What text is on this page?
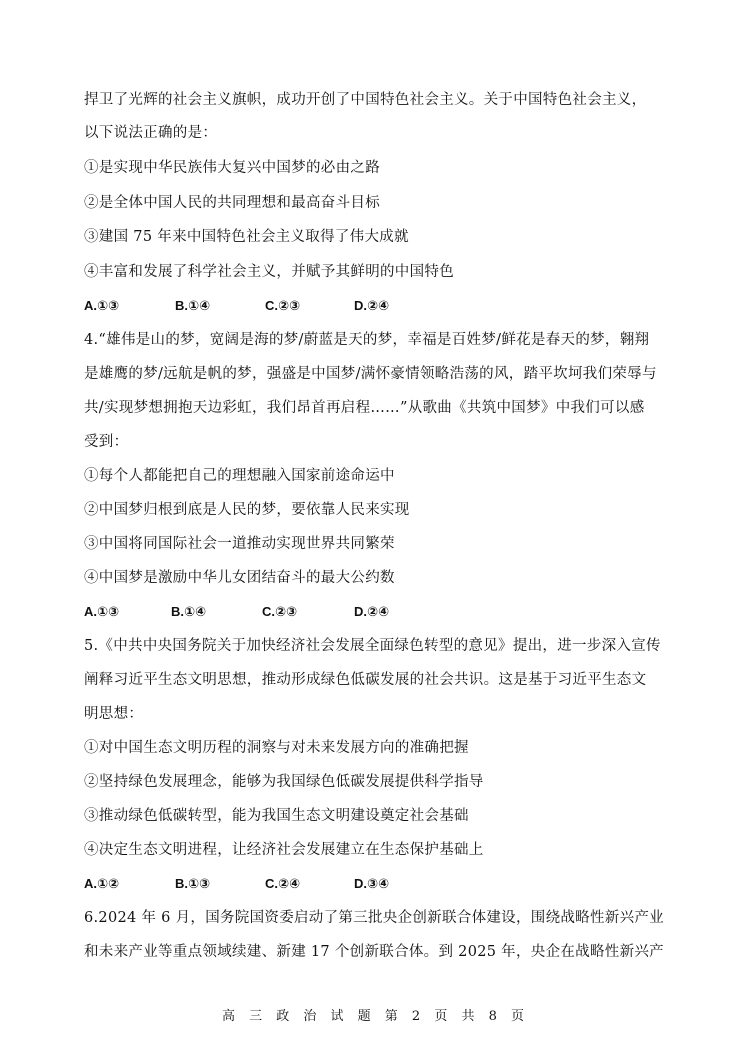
捍卫了光辉的社会主义旗帜，成功开创了中国特色社会主义。关于中国特色社会主义，
以下说法正确的是：
①是实现中华民族伟大复兴中国梦的必由之路
②是全体中国人民的共同理想和最高奋斗目标
③建国 75 年来中国特色社会主义取得了伟大成就
④丰富和发展了科学社会主义，并赋予其鲜明的中国特色
A.①③	B.①④	C.②③	D.②④
4.“雄伟是山的梦，宽阔是海的梦/蔚蓝是天的梦，幸福是百姓梦/鲜花是春天的梦，翱翔
是雄鹰的梦/远航是帆的梦，强盛是中国梦/满怀豪情领略浩荡的风，踏平坎坷我们荣辱与
共/实现梦想拥抱天边彩虹，我们昂首再启程……”从歌曲《共筑中国梦》中我们可以感
受到：
①每个人都能把自己的理想融入国家前途命运中
②中国梦归根到底是人民的梦，要依靠人民来实现
③中国将同国际社会一道推动实现世界共同繁荣
④中国梦是激励中华儿女团结奋斗的最大公约数
A.①③	B.①④	C.②③	D.②④
5.《中共中央国务院关于加快经济社会发展全面绿色转型的意见》提出，进一步深入宣传
阐释习近平生态文明思想，推动形成绿色低碳发展的社会共识。这是基于习近平生态文
明思想：
①对中国生态文明历程的洞察与对未来发展方向的准确把握
②坚持绿色发展理念，能够为我国绿色低碳发展提供科学指导
③推动绿色低碳转型，能为我国生态文明建设奠定社会基础
④决定生态文明进程，让经济社会发展建立在生态保护基础上
A.①②	B.①③	C.②④	D.③④
6.2024 年 6 月，国务院国资委启动了第三批央企创新联合体建设，围绕战略性新兴产业
和未来产业等重点领域续建、新建 17 个创新联合体。到 2025 年，央企在战略性新兴产
高 三 政 治 试 题 第 2 页 共 8 页
